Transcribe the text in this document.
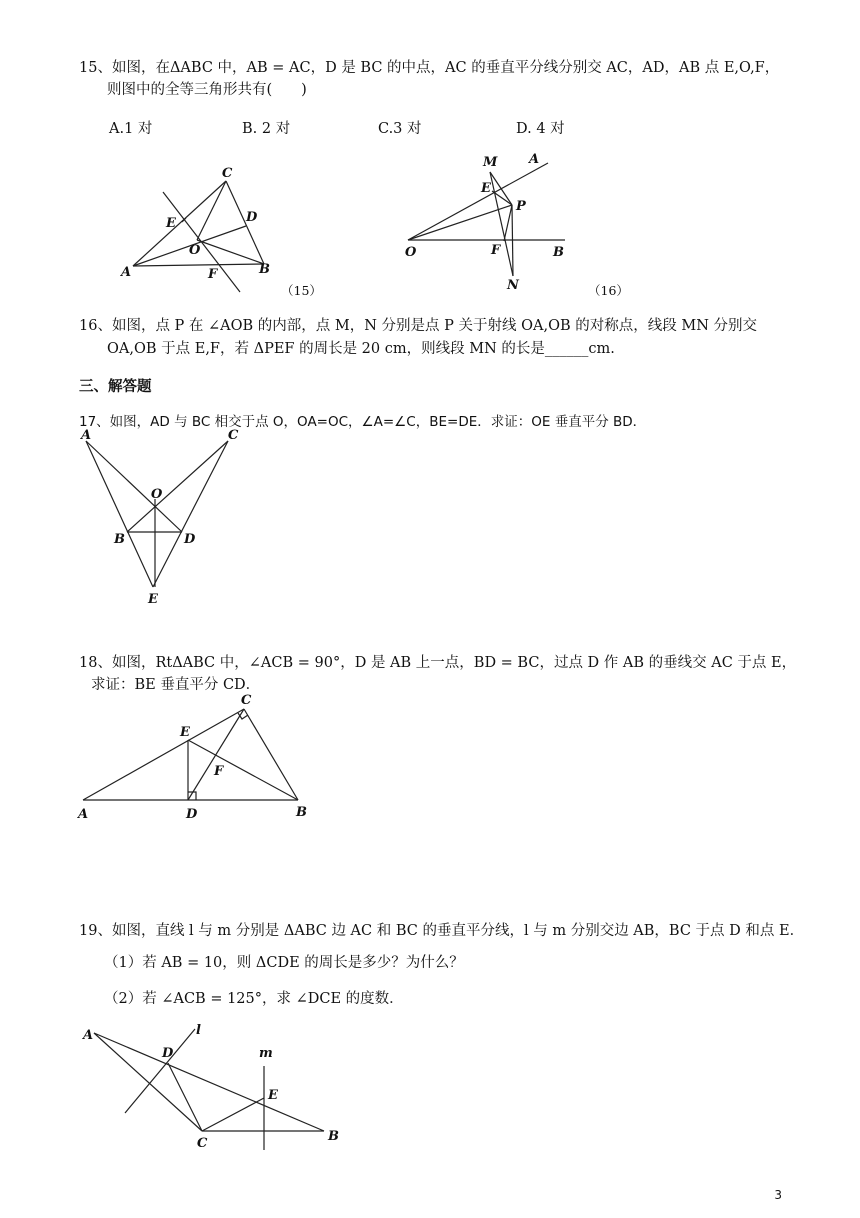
15、如图，在ΔABC 中，AB = AC，D 是 BC 的中点，AC 的垂直平分线分别交 AC，AD，AB 点 E,O,F，
则图中的全等三角形共有(　　)
A.1 对	B. 2 对	C.3 对	D. 4 对
C
E	D
O
A	F	B
（15）
M A
E
P
O	F	B
N	（16）
16、如图，点 P 在 ∠AOB 的内部，点 M，N 分别是点 P 关于射线 OA,OB 的对称点，线段 MN 分别交
OA,OB 于点 E,F，若 ΔPEF 的周长是 20 cm，则线段 MN 的长是______cm.
三、解答题
17、如图，AD 与 BC 相交于点 O，OA=OC，∠A=∠C，BE=DE．求证：OE 垂直平分 BD．
A	C
O
B	D
E
18、如图，RtΔABC 中，∠ACB = 90°，D 是 AB 上一点，BD = BC，过点 D 作 AB 的垂线交 AC 于点 E，
求证：BE 垂直平分 CD．
C
E
F
A	D	B
19、如图，直线 l 与 m 分别是 ΔABC 边 AC 和 BC 的垂直平分线，l 与 m 分别交边 AB，BC 于点 D 和点 E．
（1）若 AB = 10，则 ΔCDE 的周长是多少？为什么？
（2）若 ∠ACB = 125°，求 ∠DCE 的度数．
A
D
l
m
E
C	B
3
